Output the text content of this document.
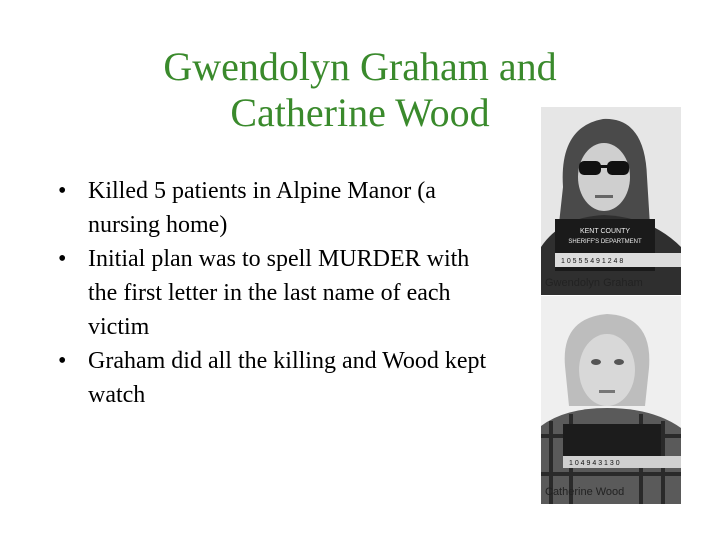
Gwendolyn Graham and
Catherine Wood
• Killed 5 patients in Alpine Manor (a nursing home)
• Initial plan was to spell MURDER with the first letter in the last name of each victim
• Graham did all the killing and Wood kept watch
KENT COUNTY
SHERIFF'S DEPARTMENT
1 0 5 5 5 4 9 1 2 4 8
Gwendolyn Graham
1 0 4 9 4 3 1 3 0
Catherine Wood
